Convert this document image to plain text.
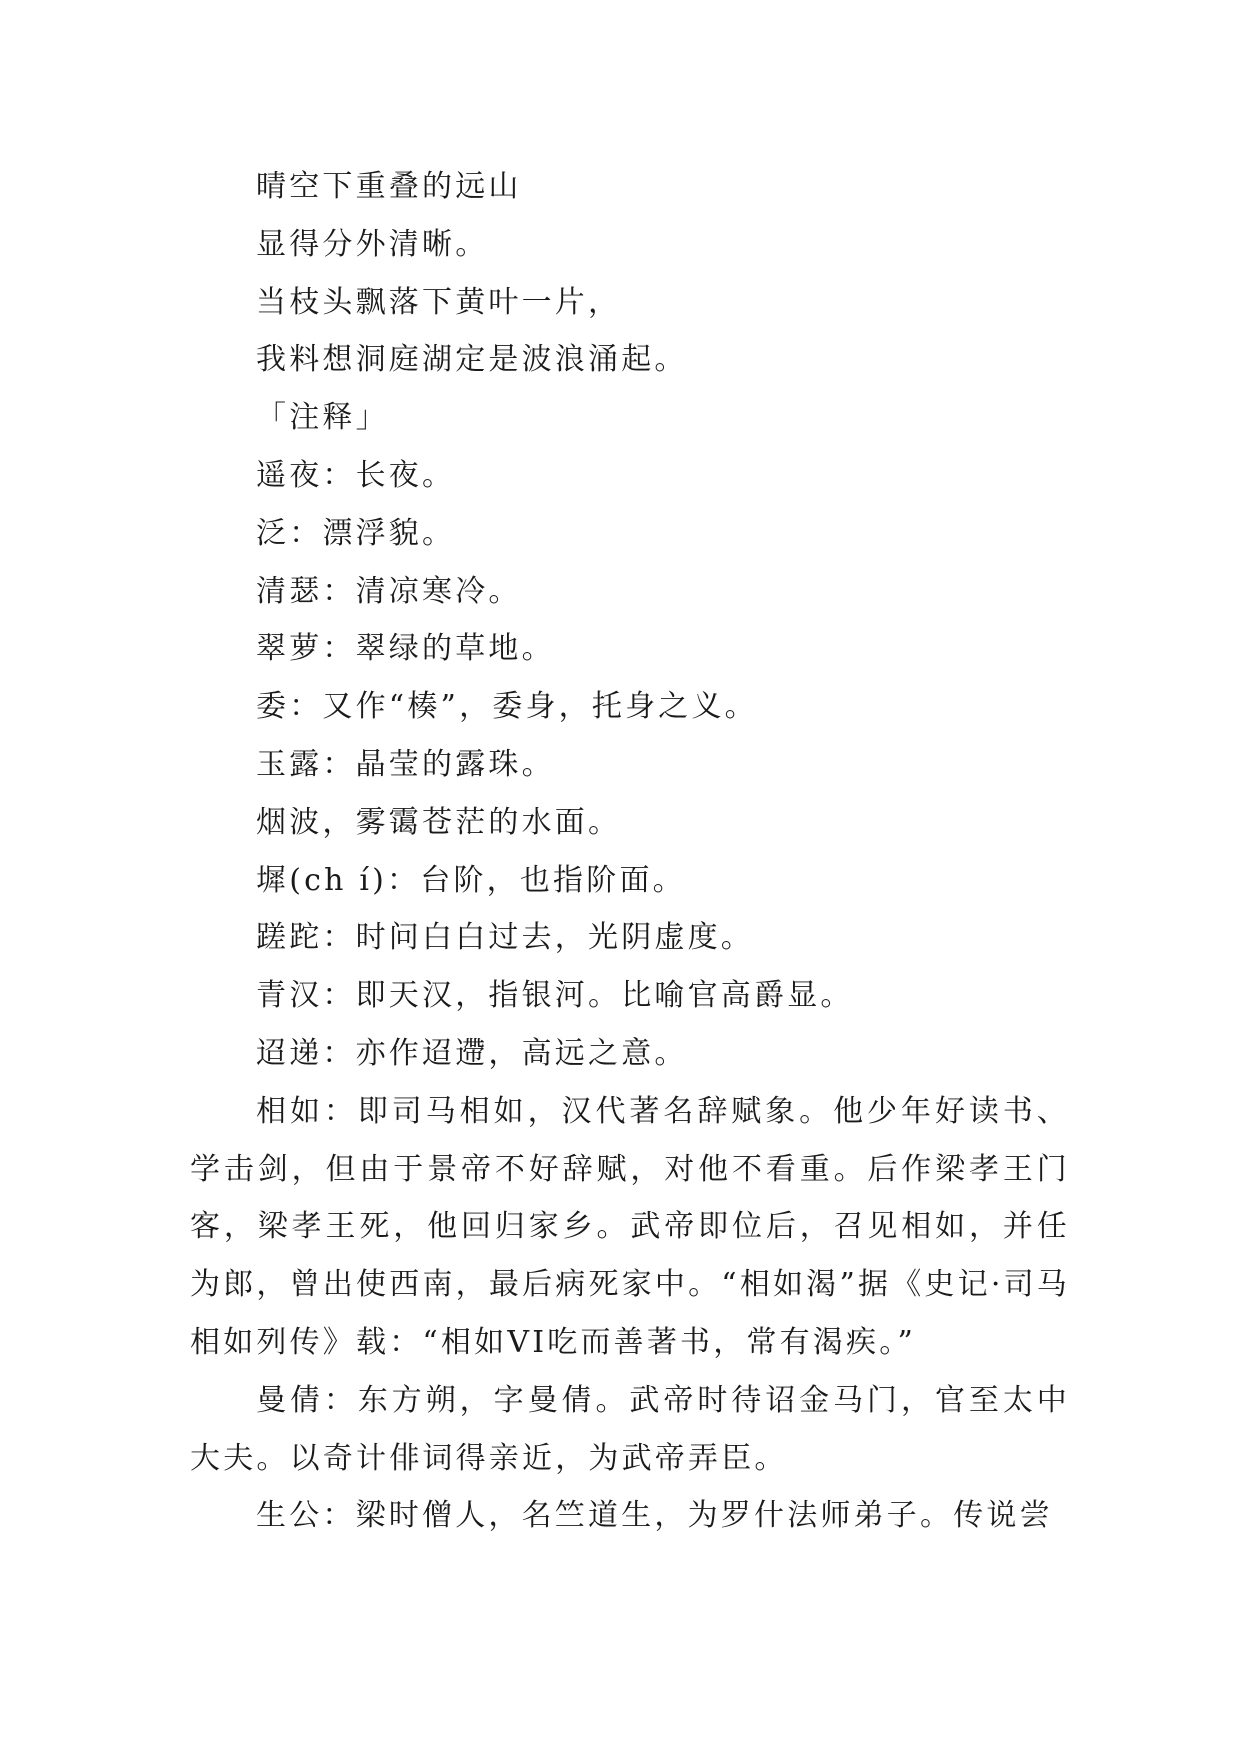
晴空下重叠的远山

显得分外清晰。

当枝头飘落下黄叶一片，

我料想洞庭湖定是波浪涌起。

「注释」

遥夜：长夜。

泛：漂浮貌。

清瑟：清凉寒冷。

翠萝：翠绿的草地。

委：又作“楱”，委身，托身之义。

玉露：晶莹的露珠。

烟波，雾霭苍茫的水面。

墀(ch í)：台阶，也指阶面。

蹉跎：时问白白过去，光阴虚度。

青汉：即天汉，指银河。比喻官高爵显。

迢递：亦作迢遰，高远之意。

相如：即司马相如，汉代著名辞赋象。他少年好读书、学击剑，但由于景帝不好辞赋，对他不看重。后作梁孝王门客，梁孝王死，他回归家乡。武帝即位后，召见相如，并任为郎，曾出使西南，最后病死家中。“相如渴”据《史记·司马相如列传》载：“相如VI吃而善著书，常有渴疾。”

曼倩：东方朔，字曼倩。武帝时待诏金马门，官至太中大夫。以奇计俳词得亲近，为武帝弄臣。

生公：梁时僧人，名竺道生，为罗什法师弟子。传说尝
